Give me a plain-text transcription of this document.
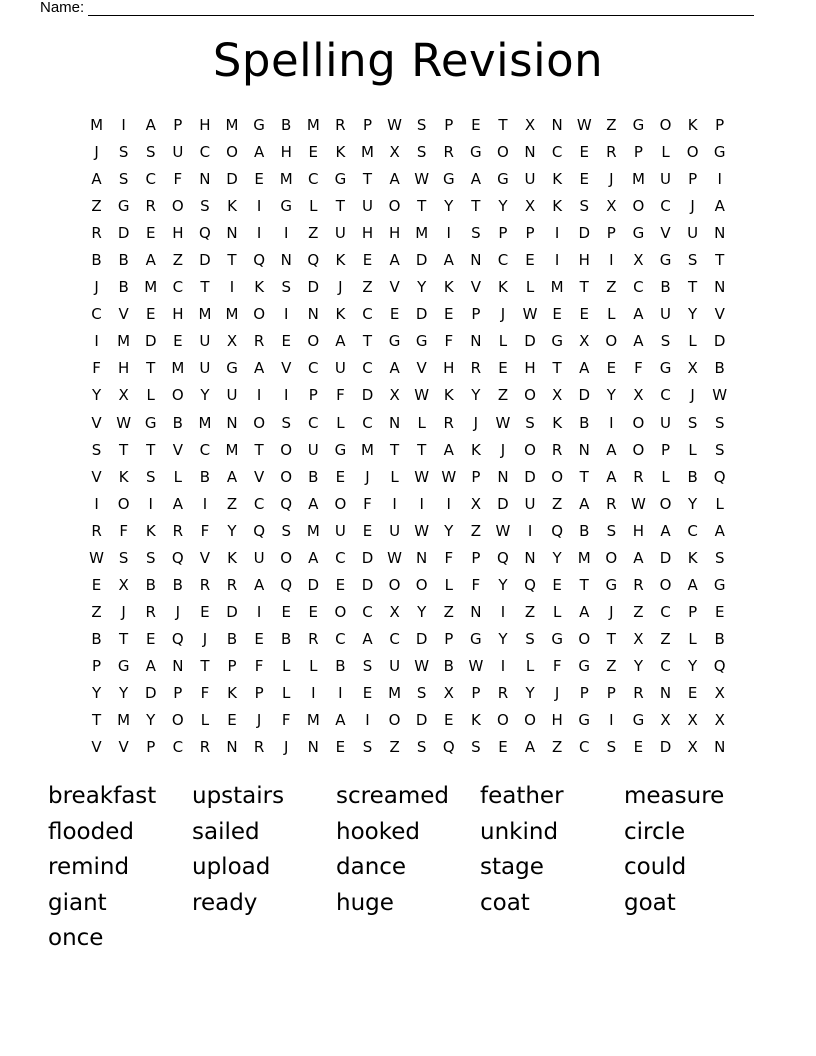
Name:
Spelling Revision
M	I	A	P	H M G	B	M	R	P	W S	P	E	T	X	N W Z	G	O	K	P
J	S	S	U	C	O	A	H	E	K	M	X	S	R	G	O	N	C	E	R	P	L	O	G
A	S	C	F	N	D	E	M	C	G	T	A W G	A	G	U	K	E	J	M	U	P	I
Z	G	R	O	S	K	I	G	L	T	U	O	T	Y	T	Y	X	K	S	X	O	C	J	A
R	D	E	H	Q	N	I	I	Z	U	H	H M	I	S	P	P	I	D	P	G	V	U	N
B	B	A	Z	D	T	Q	N	Q	K	E	A	D	A	N	C	E	I	H	I	X	G	S	T
J	B	M	C	T	I	K	S	D	J	Z	V	Y	K	V	K	L	M	T	Z	C	B	T	N
C	V	E	H M M O	I	N	K	C	E	D	E	P	J	W E	E	L	A	U	Y	V
I	M D	E	U	X	R	E	O	A	T	G	G	F	N	L	D	G	X	O	A	S	L	D
F	H	T	M	U	G	A	V	C	U	C	A	V	H	R	E	H	T	A	E	F	G	X	B
Y	X	L	O	Y	U	I	I	P	F	D	X W K	Y	Z	O	X	D	Y	X	C	J	W
V W G	B	M	N	O	S	C	L	C	N	L	R	J	W S	K	B	I	O	U	S	S
S	T	T	V	C	M	T	O	U	G M	T	T	A	K	J	O	R	N	A	O	P	L	S
V	K	S	L	B	A	V	O	B	E	J	L	W W	P	N	D	O	T	A	R	L	B	Q
I	O	I	A	I	Z	C	Q	A	O	F	I	I	I	X	D	U	Z	A	R W O	Y	L
R	F	K	R	F	Y	Q	S	M	U	E	U W	Y	Z W	I	Q	B	S	H	A	C	A
W S	S	Q	V	K	U	O	A	C	D W N	F	P	Q	N	Y	M O	A	D	K	S
E	X	B	B	R	R	A	Q	D	E	D	O	O	L	F	Y	Q	E	T	G	R	O	A	G
Z	J	R	J	E	D	I	E	E	O	C	X	Y	Z	N	I	Z	L	A	J	Z	C	P	E
B	T	E	Q	J	B	E	B	R	C	A	C	D	P	G	Y	S	G	O	T	X	Z	L	B
P	G	A	N	T	P	F	L	L	B	S	U W B W	I	L	F	G	Z	Y	C	Y	Q
Y	Y	D	P	F	K	P	L	I	I	E	M	S	X	P	R	Y	J	P	P	R	N	E	X
T	M	Y	O	L	E	J	F	M	A	I	O	D	E	K	O	O	H	G	I	G	X	X	X
V	V	P	C	R	N	R	J	N	E	S	Z	S	Q	S	E	A	Z	C	S	E	D	X	N
breakfast	upstairs	screamed	feather	measure
flooded	sailed	hooked	unkind	circle
remind	upload	dance	stage	could
giant	ready	huge	coat	goat
once
